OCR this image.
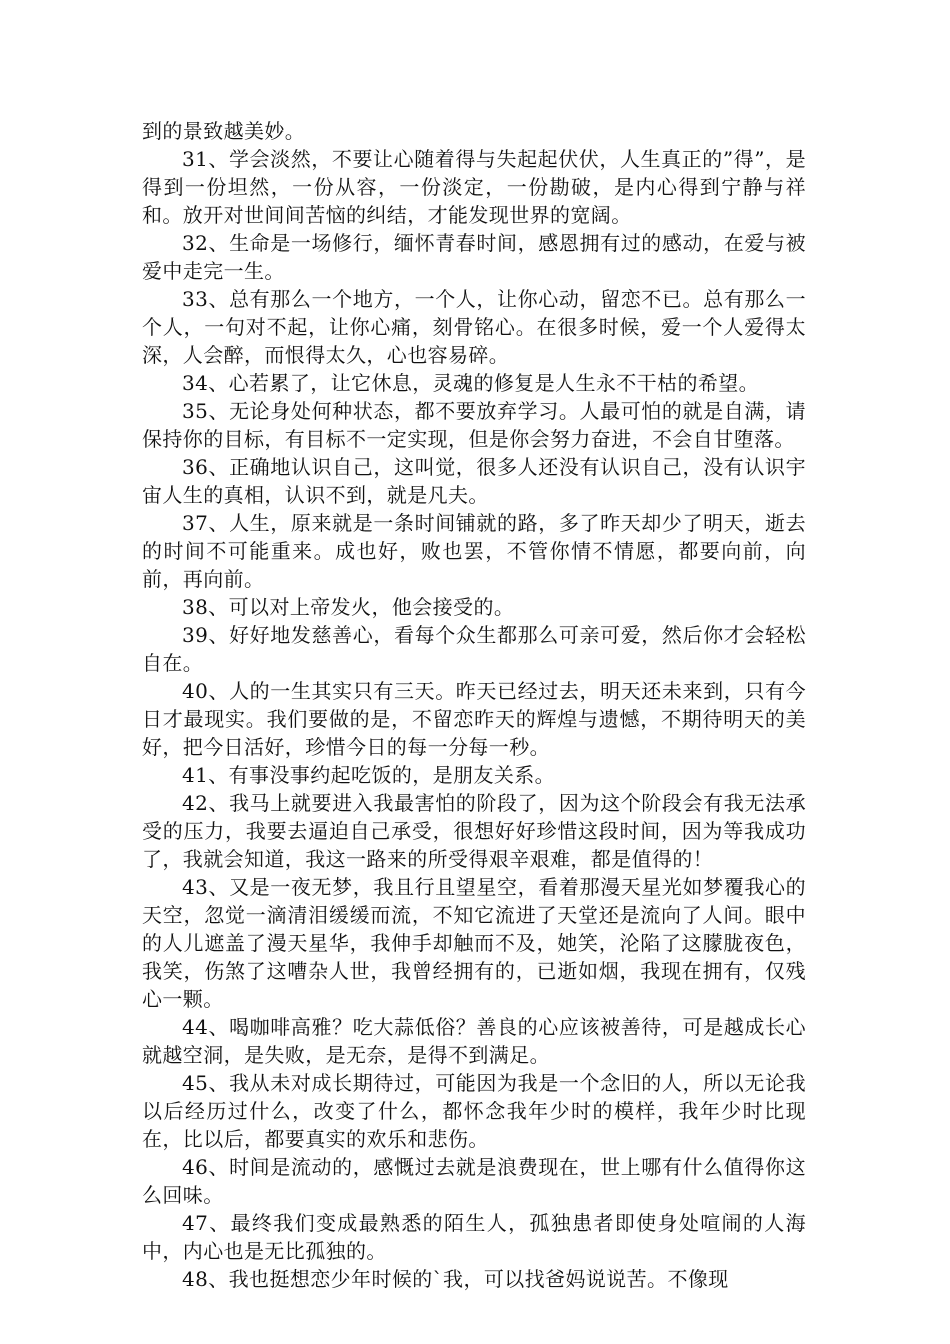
到的景致越美妙。

31、学会淡然，不要让心随着得与失起起伏伏，人生真正的”得”，是得到一份坦然，一份从容，一份淡定，一份勘破，是内心得到宁静与祥和。放开对世间间苦恼的纠结，才能发现世界的宽阔。

32、生命是一场修行，缅怀青春时间，感恩拥有过的感动，在爱与被爱中走完一生。

33、总有那么一个地方，一个人，让你心动，留恋不已。总有那么一个人，一句对不起，让你心痛，刻骨铭心。在很多时候，爱一个人爱得太深，人会醉，而恨得太久，心也容易碎。

34、心若累了，让它休息，灵魂的修复是人生永不干枯的希望。

35、无论身处何种状态，都不要放弃学习。人最可怕的就是自满，请保持你的目标，有目标不一定实现，但是你会努力奋进，不会自甘堕落。

36、正确地认识自己，这叫觉，很多人还没有认识自己，没有认识宇宙人生的真相，认识不到，就是凡夫。

37、人生，原来就是一条时间铺就的路，多了昨天却少了明天，逝去的时间不可能重来。成也好，败也罢，不管你情不情愿，都要向前，向前，再向前。

38、可以对上帝发火，他会接受的。

39、好好地发慈善心，看每个众生都那么可亲可爱，然后你才会轻松自在。

40、人的一生其实只有三天。昨天已经过去，明天还未来到，只有今日才最现实。我们要做的是，不留恋昨天的辉煌与遗憾，不期待明天的美好，把今日活好，珍惜今日的每一分每一秒。

41、有事没事约起吃饭的，是朋友关系。

42、我马上就要进入我最害怕的阶段了，因为这个阶段会有我无法承受的压力，我要去逼迫自己承受，很想好好珍惜这段时间，因为等我成功了，我就会知道，我这一路来的所受得艰辛艰难，都是值得的！

43、又是一夜无梦，我且行且望星空，看着那漫天星光如梦覆我心的天空，忽觉一滴清泪缓缓而流，不知它流进了天堂还是流向了人间。眼中的人儿遮盖了漫天星华，我伸手却触而不及，她笑，沦陷了这朦胧夜色，我笑，伤煞了这嘈杂人世，我曾经拥有的，已逝如烟，我现在拥有，仅残心一颗。

44、喝咖啡高雅？吃大蒜低俗？善良的心应该被善待，可是越成长心就越空洞，是失败，是无奈，是得不到满足。

45、我从未对成长期待过，可能因为我是一个念旧的人，所以无论我以后经历过什么，改变了什么，都怀念我年少时的模样，我年少时比现在，比以后，都要真实的欢乐和悲伤。

46、时间是流动的，感慨过去就是浪费现在，世上哪有什么值得你这么回味。

47、最终我们变成最熟悉的陌生人，孤独患者即使身处喧闹的人海中，内心也是无比孤独的。

48、我也挺想恋少年时候的`我，可以找爸妈说说苦。不像现
